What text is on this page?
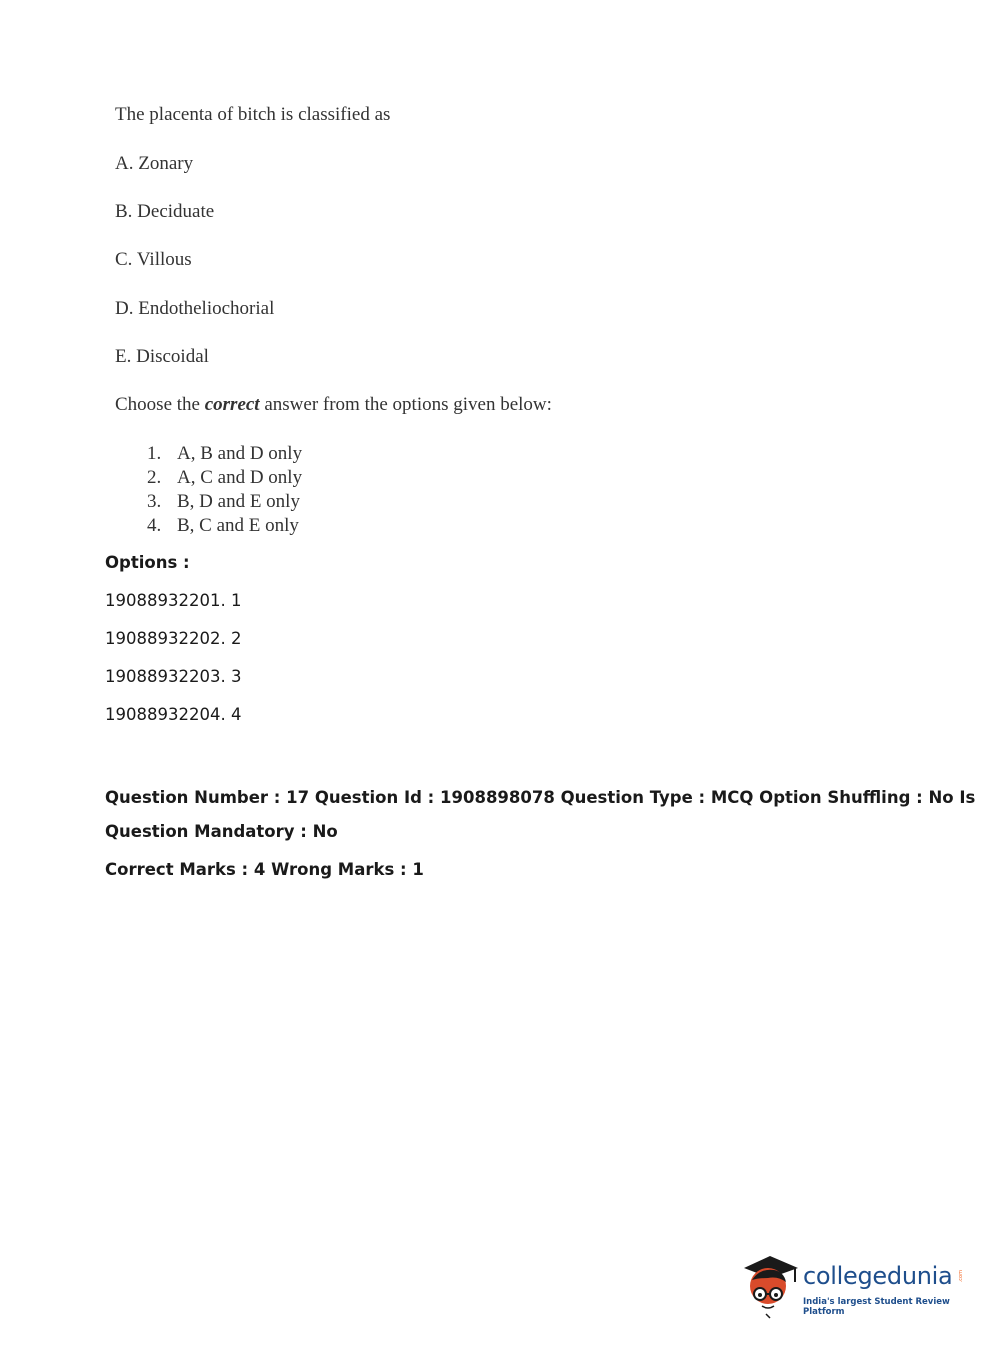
The placenta of bitch is classified as
A. Zonary
B. Deciduate
C. Villous
D. Endotheliochorial
E. Discoidal
Choose the correct answer from the options given below:
1. A, B and D only
2. A, C and D only
3. B, D and E only
4. B, C and E only
Options :
19088932201. 1
19088932202. 2
19088932203. 3
19088932204. 4
Question Number : 17 Question Id : 1908898078 Question Type : MCQ Option Shuffling : No Is
Question Mandatory : No
Correct Marks : 4 Wrong Marks : 1
collegedunia .com
India's largest Student Review Platform
